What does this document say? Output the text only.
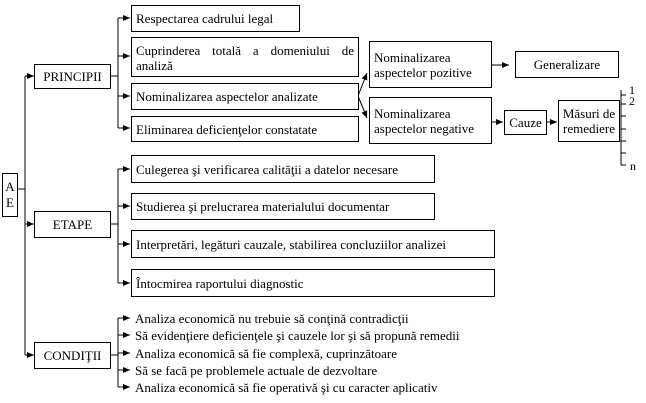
A
E
PRINCIPII
Respectarea cadrului legal
Cuprinderea totală a domeniului de analiză
Nominalizarea aspectelor analizate
Eliminarea deficienţelor constatate
Nominalizarea aspectelor pozitive
Nominalizarea aspectelor negative
Generalizare
Cauze
Măsuri de remediere
1
2
n
ETAPE
Culegerea şi verificarea calităţii a datelor necesare
Studierea şi prelucrarea materialului documentar
Interpretări, legături cauzale, stabilirea concluziilor analizei
Întocmirea raportului diagnostic
CONDIŢII
Analiza economică nu trebuie să conţină contradicţii
Să evidenţiere deficienţele şi cauzele lor şi să propună remedii
Analiza economică să fie complexă, cuprinzătoare
Să se facă pe problemele actuale de dezvoltare
Analiza economică să fie operativă şi cu caracter aplicativ
